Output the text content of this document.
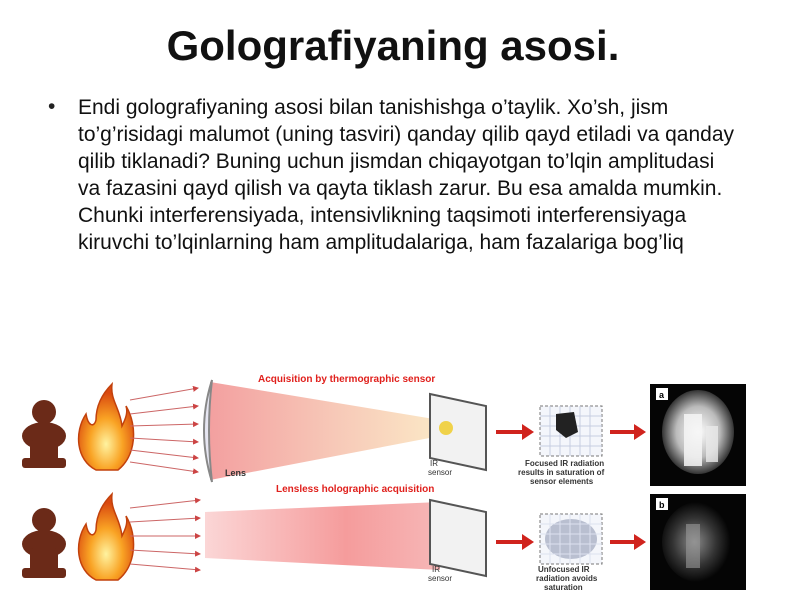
Golografiyaning asosi.
• Endi golografiyaning asosi bilan tanishishga o’taylik. Xo’sh, jism to’g’risidagi malumot (uning tasviri) qanday qilib qayd etiladi va qanday qilib tiklanadi? Buning uchun jismdan chiqayotgan to’lqin amplitudasi va fazasini qayd qilish va qayta tiklash zarur. Bu esa amalda mumkin. Chunki interferensiyada, intensivlikning taqsimoti interferensiyaga kiruvchi to’lqinlarning ham amplitudalariga, ham fazalariga bog’liq
Lens
Acquisition by thermographic sensor
IR
sensor
Focused IR radiation
results in saturation of
sensor elements
a
Lensless holographic acquisition
IR
sensor
Unfocused IR
radiation avoids
saturation
b
